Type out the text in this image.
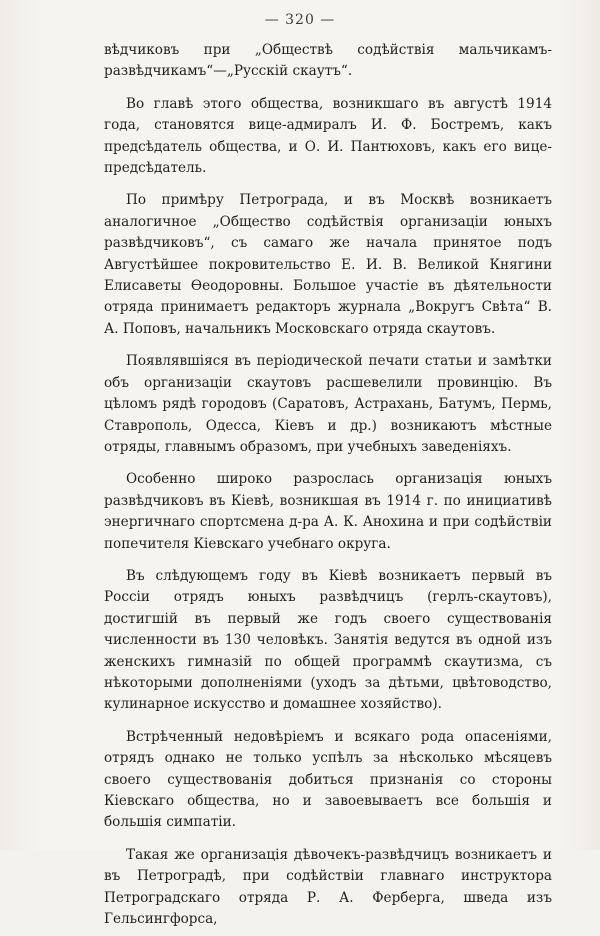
— 320 —

вѣдчиковъ при „Обществѣ содѣйствія мальчикамъ-развѣдчикамъ“—„Русскій скаутъ“.

Во главѣ этого общества, возникшаго въ августѣ 1914 года, становятся вице-адмиралъ И. Ф. Бостремъ, какъ предсѣдатель общества, и О. И. Пантюховъ, какъ его вице-предсѣдатель.

По примѣру Петрограда, и въ Москвѣ возникаетъ аналогичное „Общество содѣйствія организаціи юныхъ развѣдчиковъ“, съ самаго же начала принятое подъ Августѣйшее покровительство Е. И. В. Великой Княгини Елисаветы Ѳеодоровны. Большое участіе въ дѣятельности отряда принимаетъ редакторъ журнала „Вокругъ Свѣта“ В. А. Поповъ, начальникъ Московскаго отряда скаутовъ.

Появлявшіяся въ періодической печати статьи и замѣтки объ организаціи скаутовъ расшевелили провинцію. Въ цѣломъ рядѣ городовъ (Саратовъ, Астрахань, Батумъ, Пермь, Ставрополь, Одесса, Кіевъ и др.) возникаютъ мѣстные отряды, главнымъ образомъ, при учебныхъ заведеніяхъ.

Особенно широко разрослась организація юныхъ развѣдчиковъ въ Кіевѣ, возникшая въ 1914 г. по инициативѣ энергичнаго спортсмена д-ра А. К. Анохина и при содѣйствіи попечителя Кіевскаго учебнаго округа.

Въ слѣдующемъ году въ Кіевѣ возникаетъ первый въ Россіи отрядъ юныхъ развѣдчицъ (герлъ-скаутовъ), достигшій въ первый же годъ своего существованія численности въ 130 человѣкъ. Занятія ведутся въ одной изъ женскихъ гимназій по общей программѣ скаутизма, съ нѣкоторыми дополненіями (уходъ за дѣтьми, цвѣтоводство, кулинарное искусство и домашнее хозяйство).

Встрѣченный недовѣріемъ и всякаго рода опасеніями, отрядъ однако не только успѣлъ за нѣсколько мѣсяцевъ своего существованія добиться признанія со стороны Кіевскаго общества, но и завоевываетъ все большія и большія симпатіи.

Такая же организація дѣвочекъ-развѣдчицъ возникаетъ и въ Петроградѣ, при содѣйствіи главнаго инструктора Петроградскаго отряда Р. А. Ферберга, шведа изъ Гельсингфорса,
